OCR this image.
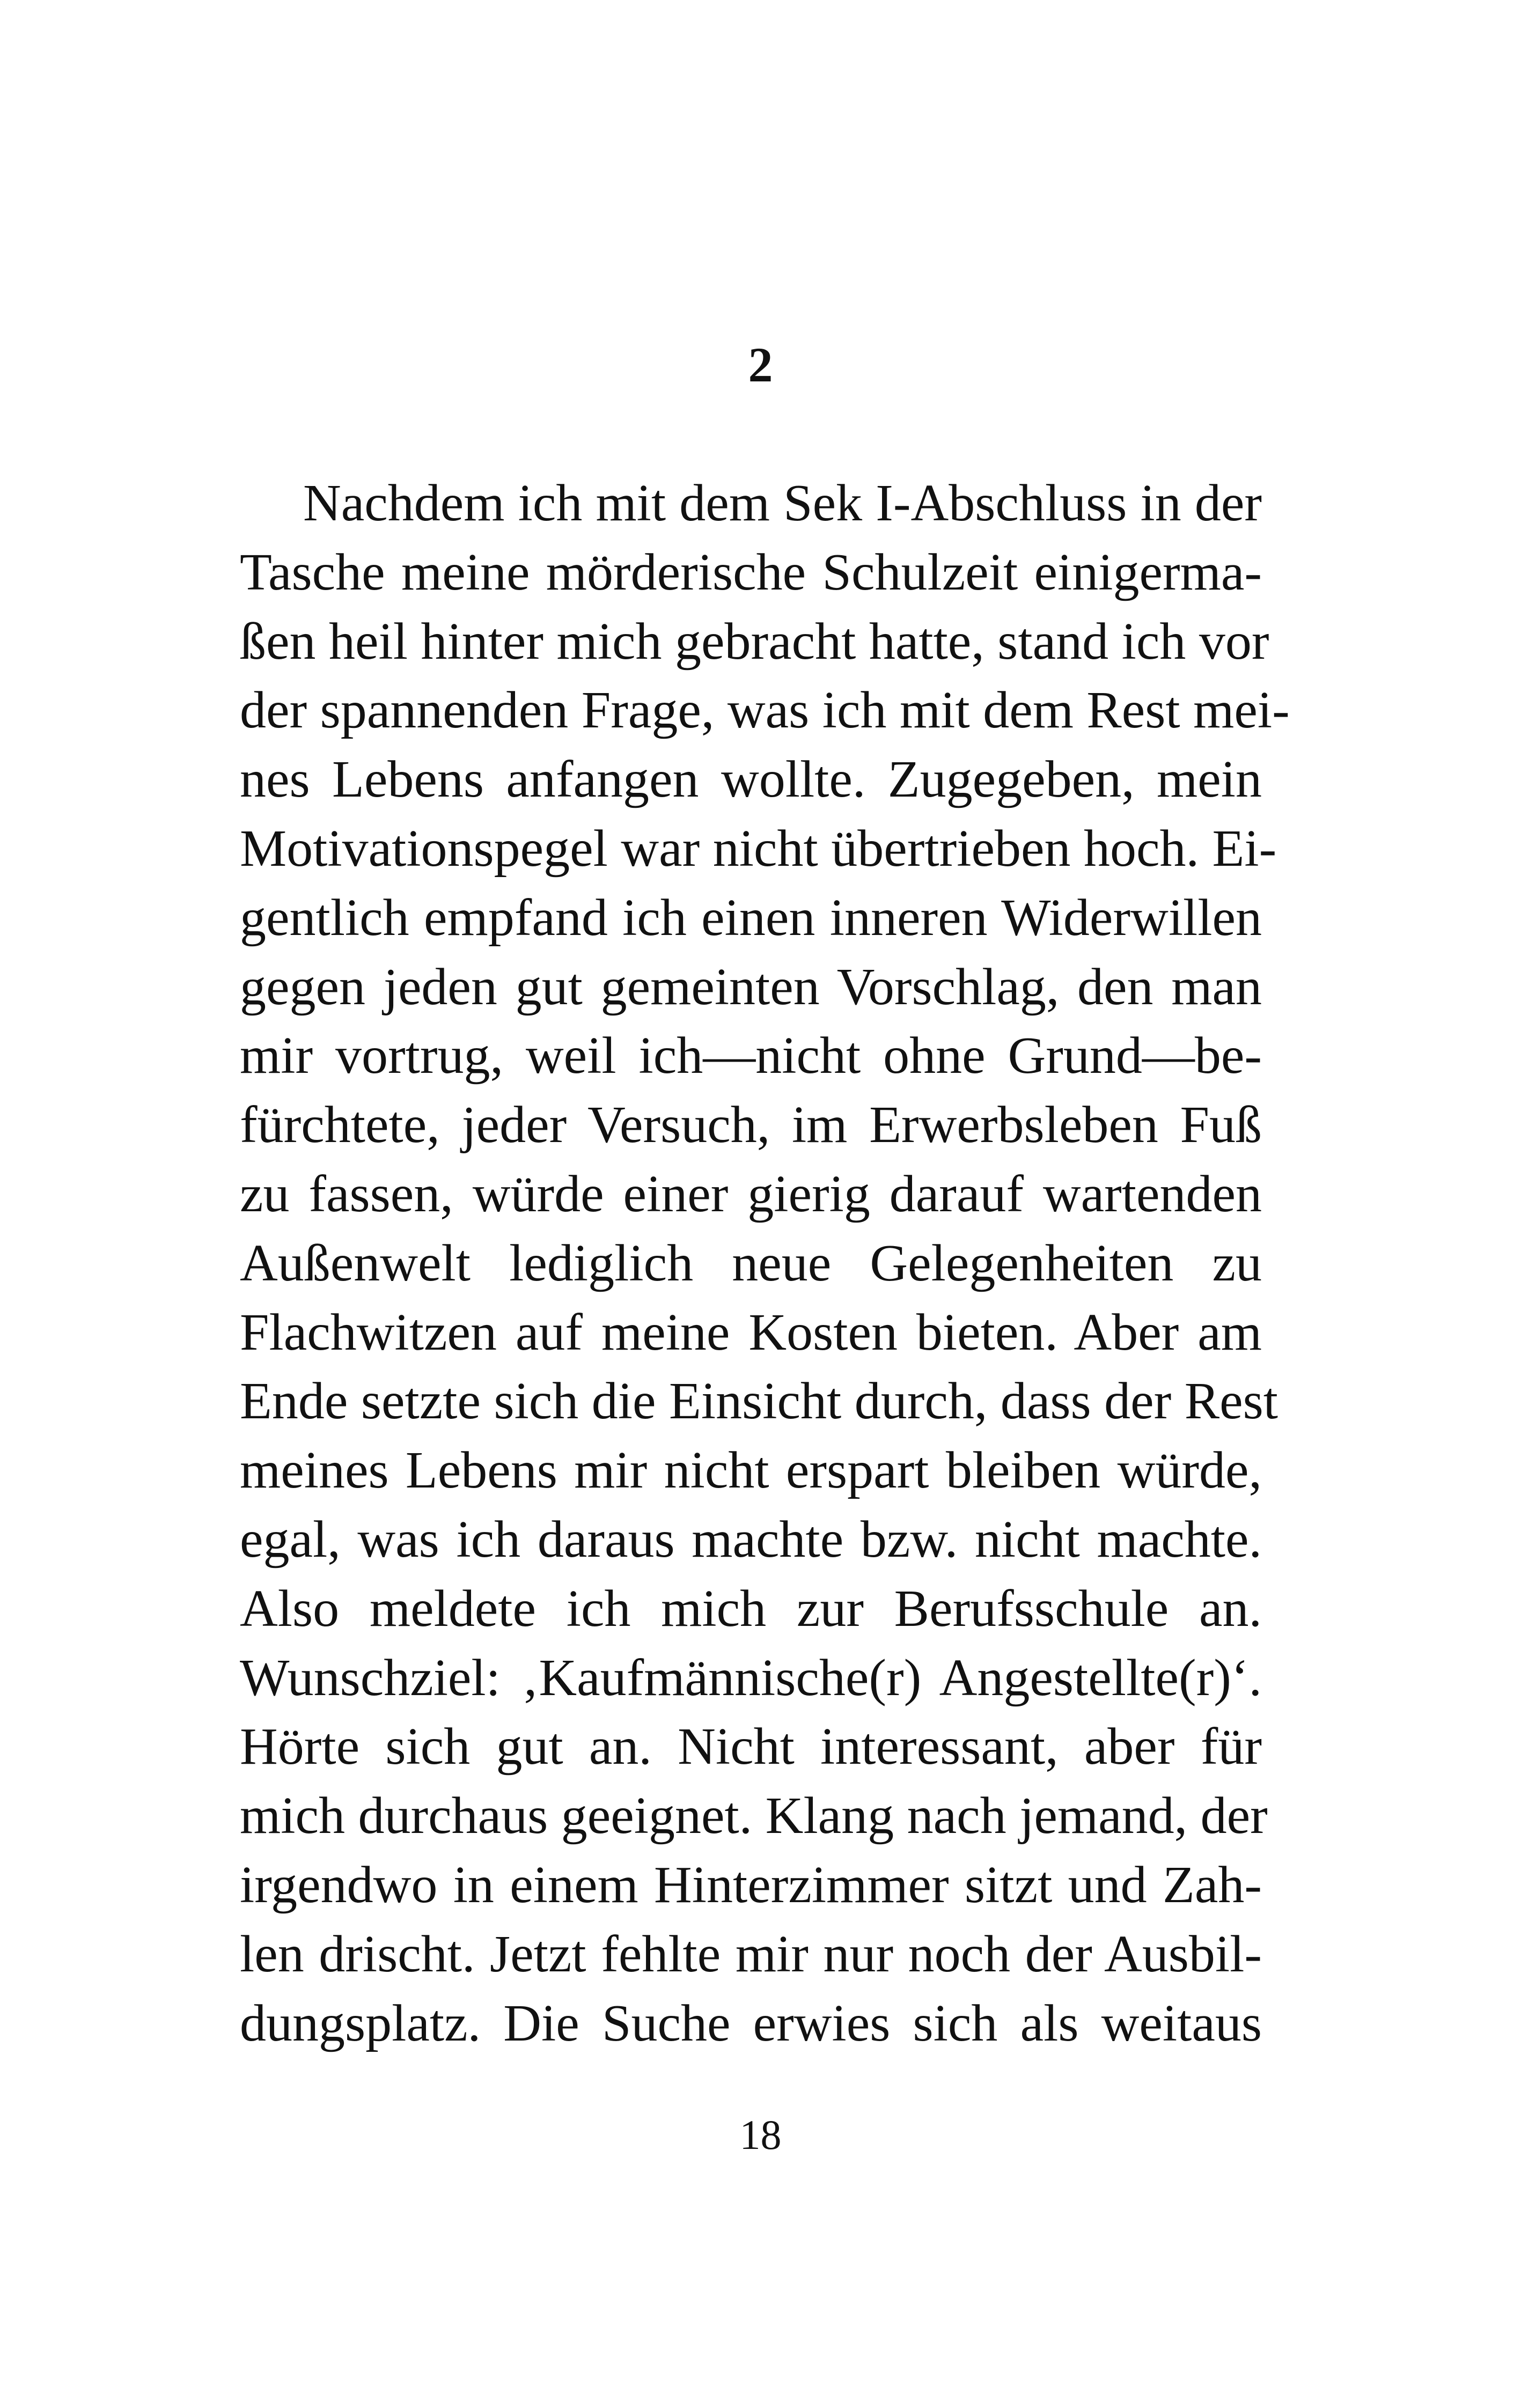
2
Nachdem ich mit dem Sek I-Abschluss in der
Tasche meine mörderische Schulzeit einigerma-
ßen heil hinter mich gebracht hatte, stand ich vor
der spannenden Frage, was ich mit dem Rest mei-
nes Lebens anfangen wollte. Zugegeben, mein
Motivationspegel war nicht übertrieben hoch. Ei-
gentlich empfand ich einen inneren Widerwillen
gegen jeden gut gemeinten Vorschlag, den man
mir vortrug, weil ich—nicht ohne Grund—be-
fürchtete, jeder Versuch, im Erwerbsleben Fuß
zu fassen, würde einer gierig darauf wartenden
Außenwelt lediglich neue Gelegenheiten zu
Flachwitzen auf meine Kosten bieten. Aber am
Ende setzte sich die Einsicht durch, dass der Rest
meines Lebens mir nicht erspart bleiben würde,
egal, was ich daraus machte bzw. nicht machte.
Also meldete ich mich zur Berufsschule an.
Wunschziel: ‚Kaufmännische(r) Angestellte(r)‘.
Hörte sich gut an. Nicht interessant, aber für
mich durchaus geeignet. Klang nach jemand, der
irgendwo in einem Hinterzimmer sitzt und Zah-
len drischt. Jetzt fehlte mir nur noch der Ausbil-
dungsplatz. Die Suche erwies sich als weitaus
18
